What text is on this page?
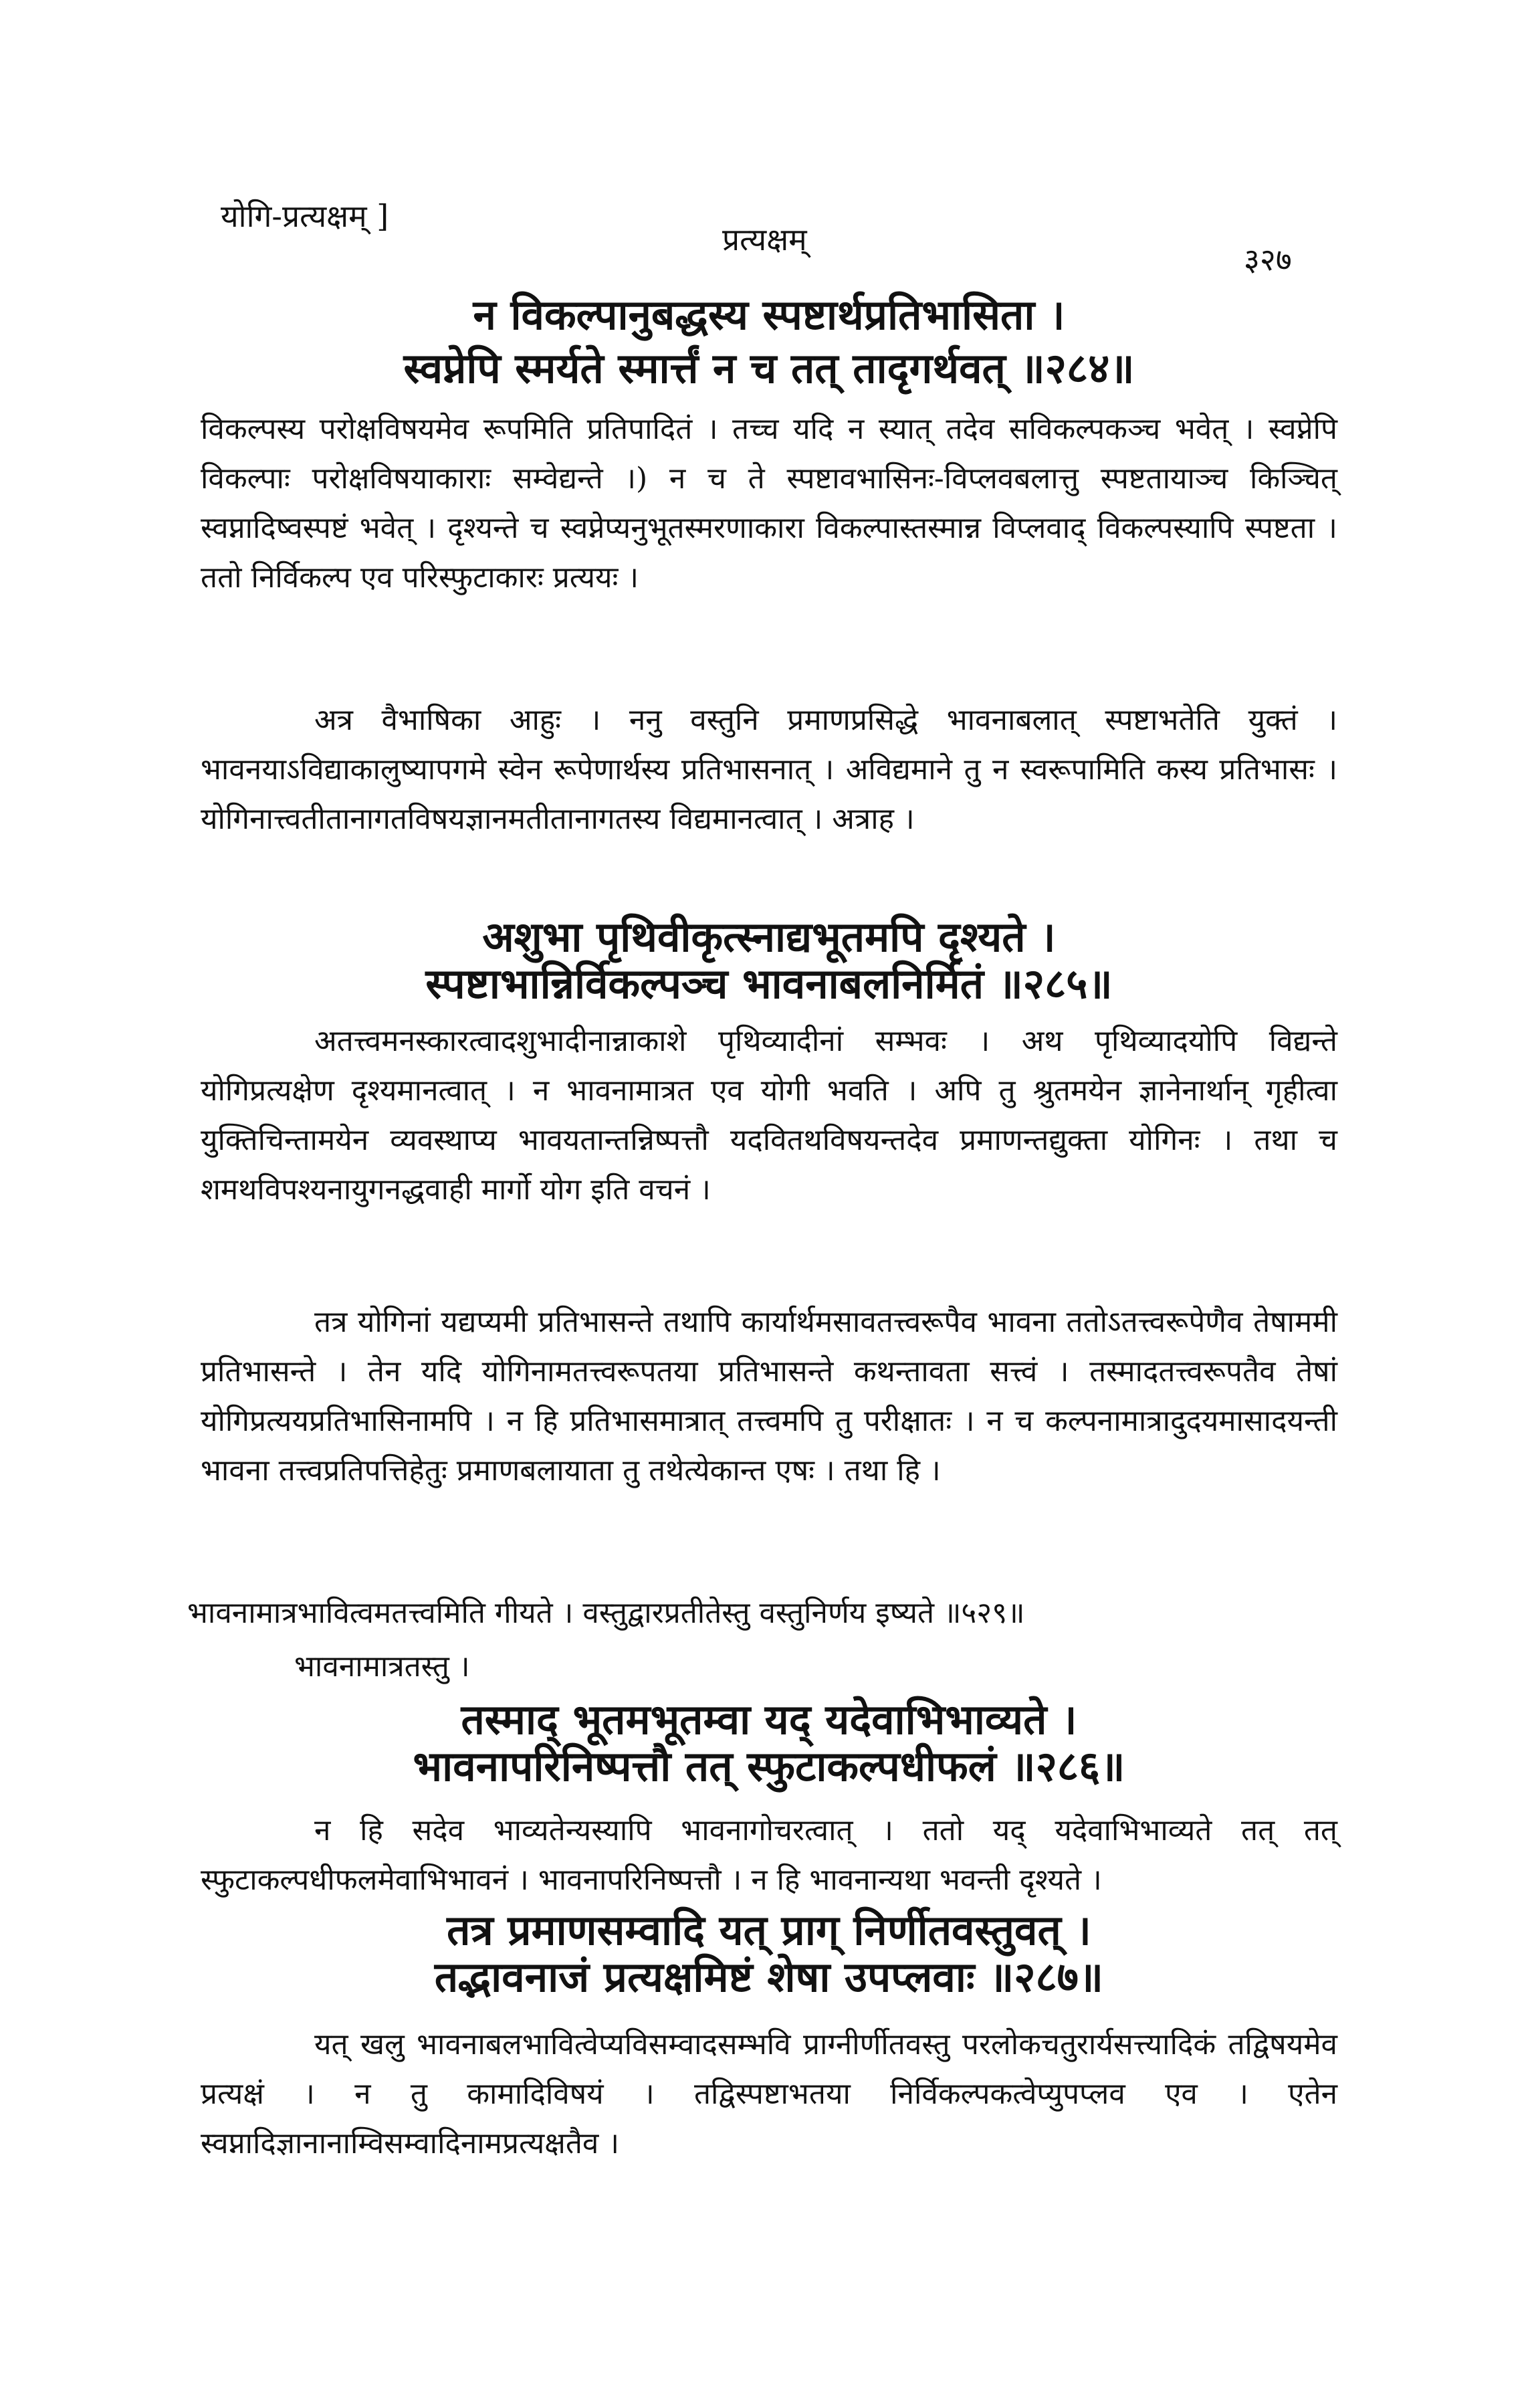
योगि-प्रत्यक्षम् ]
प्रत्यक्षम्
३२७
न विकल्पानुबद्धस्य स्पष्टार्थप्रतिभासिता ।
स्वप्नेपि स्मर्यते स्मार्त्तं न च तत् तादृगर्थवत् ॥२८४॥
विकल्पस्य परोक्षविषयमेव रूपमिति प्रतिपादितं । तच्च यदि न स्यात् तदेव सविकल्पकञ्च भवेत् । स्वप्नेपि विकल्पाः परोक्षविषयाकाराः सम्वेद्यन्ते ।) न च ते स्पष्टावभासिनः-विप्लवबलात्तु स्पष्टतायाञ्च किञ्चित् स्वप्नादिष्वस्पष्टं भवेत् । दृश्यन्ते च स्वप्नेप्यनुभूतस्मरणाकारा विकल्पास्तस्मान्न विप्लवाद् विकल्पस्यापि स्पष्टता । ततो निर्विकल्प एव परिस्फुटाकारः प्रत्ययः ।
अत्र वैभाषिका आहुः । ननु वस्तुनि प्रमाणप्रसिद्धे भावनाबलात् स्पष्टाभतेति युक्तं । भावनयाऽविद्याकालुष्यापगमे स्वेन रूपेणार्थस्य प्रतिभासनात् । अविद्यमाने तु न स्वरूपामिति कस्य प्रतिभासः । योगिनात्त्वतीतानागतविषयज्ञानमतीतानागतस्य विद्यमानत्वात् । अत्राह ।
अशुभा पृथिवीकृत्स्नाद्यभूतमपि दृश्यते ।
स्पष्टाभान्निर्विकल्पञ्च भावनाबलनिर्मितं ॥२८५॥
अतत्त्वमनस्कारत्वादशुभादीनान्नाकाशे पृथिव्यादीनां सम्भवः । अथ पृथिव्यादयोपि विद्यन्ते योगिप्रत्यक्षेण दृश्यमानत्वात् । न भावनामात्रत एव योगी भवति । अपि तु श्रुतमयेन ज्ञानेनार्थान् गृहीत्वा युक्तिचिन्तामयेन व्यवस्थाप्य भावयतान्तन्निष्पत्तौ यदवितथविषयन्तदेव प्रमाणन्तद्युक्ता योगिनः । तथा च शमथविपश्यनायुगनद्धवाही मार्गो योग इति वचनं ।
तत्र योगिनां यद्यप्यमी प्रतिभासन्ते तथापि कार्यार्थमसावतत्त्वरूपैव भावना ततोऽतत्त्वरूपेणैव तेषाममी प्रतिभासन्ते । तेन यदि योगिनामतत्त्वरूपतया प्रतिभासन्ते कथन्तावता सत्त्वं । तस्मादतत्त्वरूपतैव तेषां योगिप्रत्ययप्रतिभासिनामपि । न हि प्रतिभासमात्रात् तत्त्वमपि तु परीक्षातः । न च कल्पनामात्रादुदयमासादयन्ती भावना तत्त्वप्रतिपत्तिहेतुः प्रमाणबलायाता तु तथेत्येकान्त एषः । तथा हि ।
भावनामात्रभावित्वमतत्त्वमिति गीयते । वस्तुद्वारप्रतीतेस्तु वस्तुनिर्णय इष्यते ॥५२९॥
भावनामात्रतस्तु ।
तस्माद् भूतमभूतम्वा यद् यदेवाभिभाव्यते ।
भावनापरिनिष्पत्तौ तत् स्फुटाकल्पधीफलं ॥२८६॥
न हि सदेव भाव्यतेन्यस्यापि भावनागोचरत्वात् । ततो यद् यदेवाभिभाव्यते तत् तत् स्फुटाकल्पधीफलमेवाभिभावनं । भावनापरिनिष्पत्तौ । न हि भावनान्यथा भवन्ती दृश्यते ।
तत्र प्रमाणसम्वादि यत् प्राग् निर्णीतवस्तुवत् ।
तद्भावनाजं प्रत्यक्षमिष्टं शेषा उपप्लवाः ॥२८७॥
यत् खलु भावनाबलभावित्वेप्यविसम्वादसम्भवि प्राग्नीर्णीतवस्तु परलोकचतुरार्यसत्त्यादिकं तद्विषयमेव प्रत्यक्षं । न तु कामादिविषयं । तद्विस्पष्टाभतया निर्विकल्पकत्वेप्युपप्लव एव । एतेन स्वप्नादिज्ञानानाम्विसम्वादिनामप्रत्यक्षतैव ।
